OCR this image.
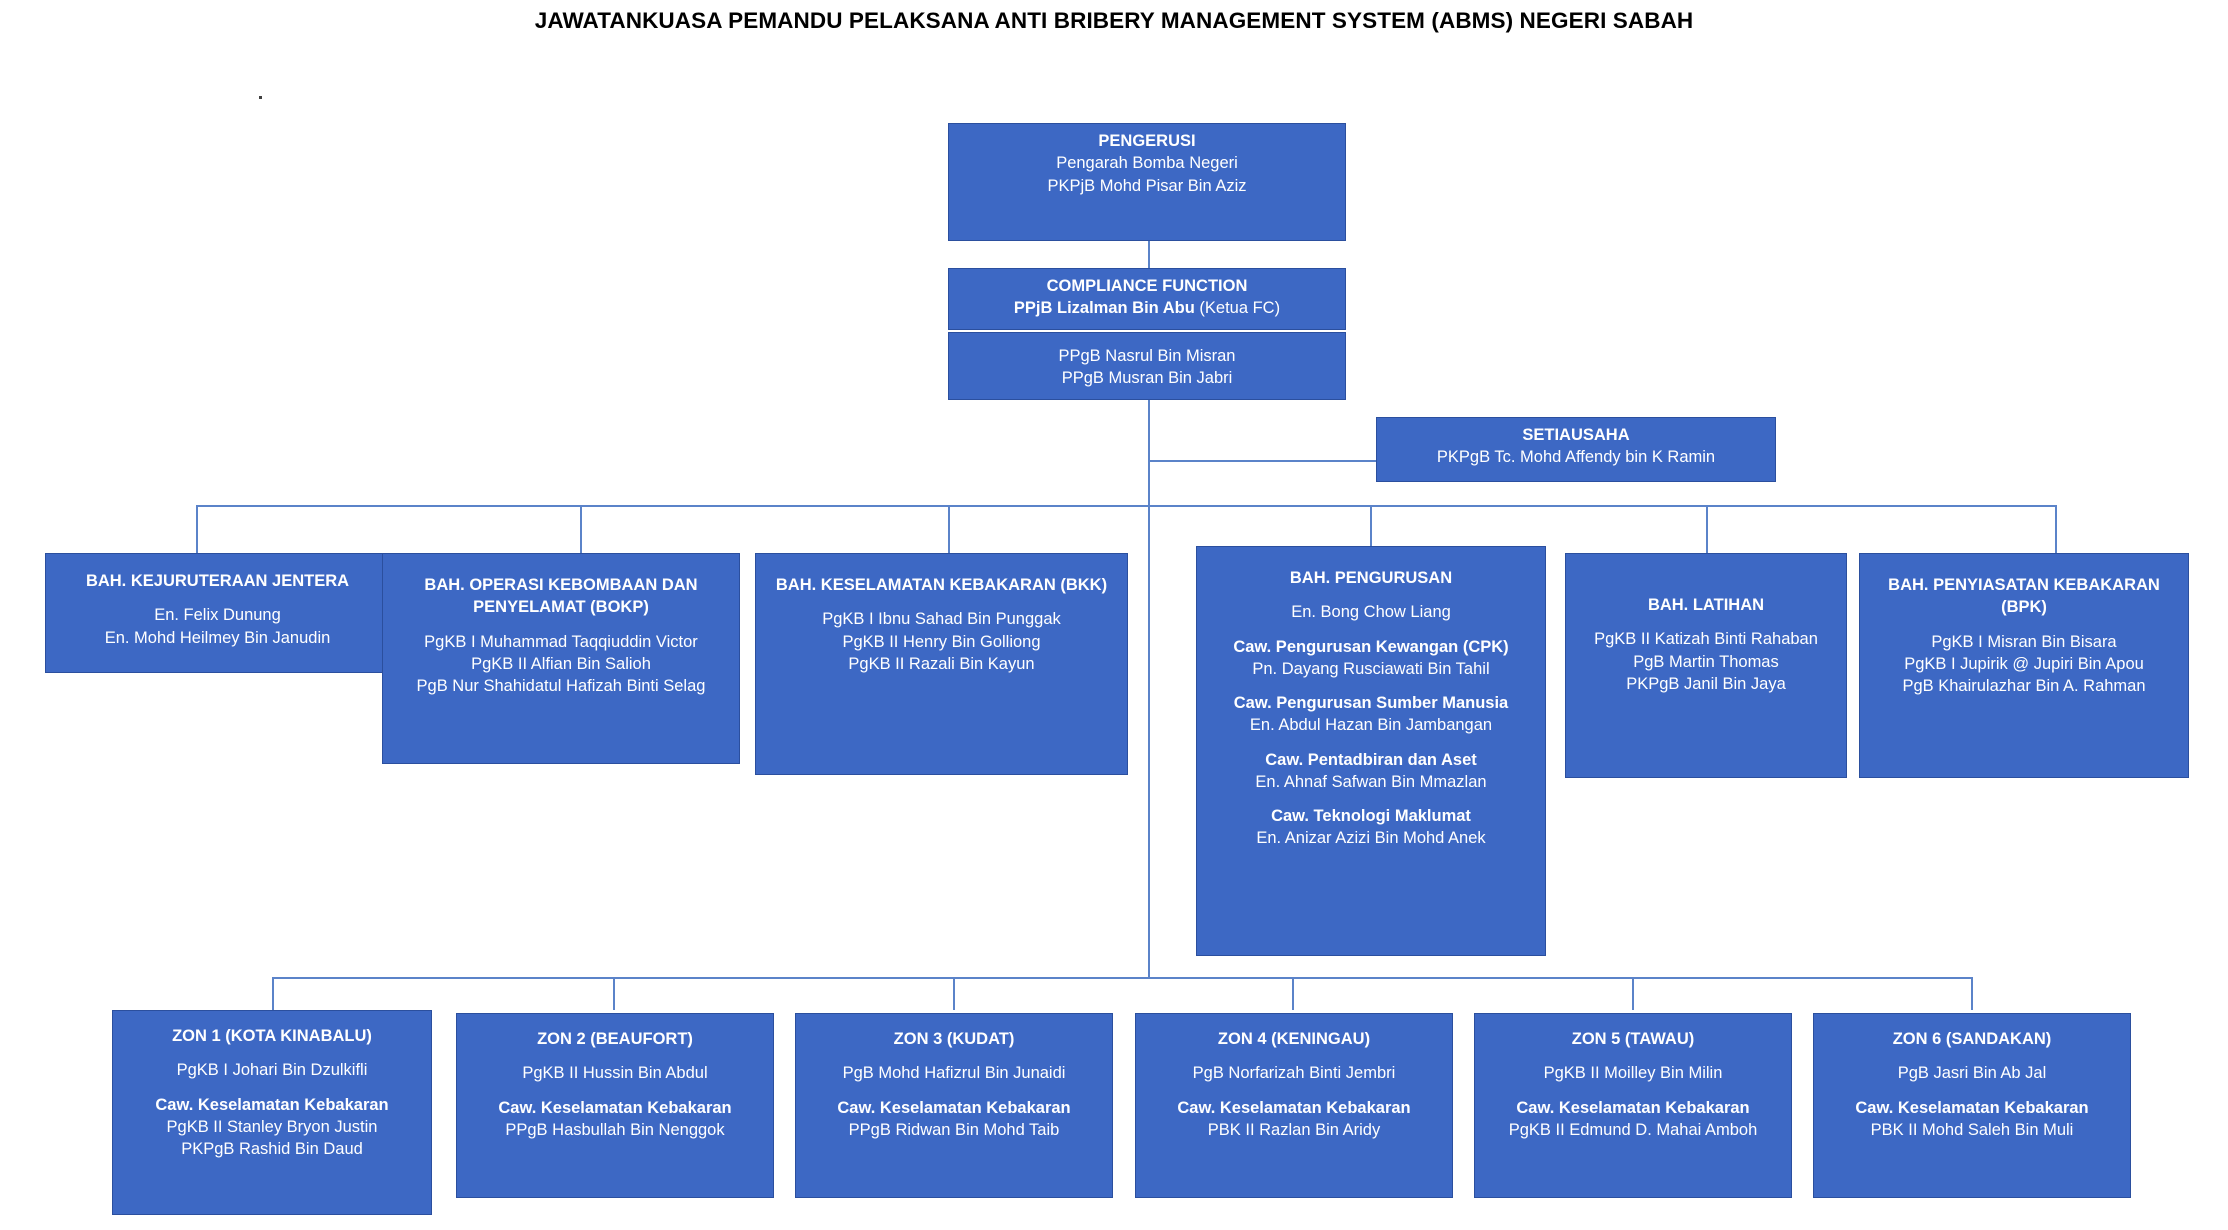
JAWATANKUASA PEMANDU PELAKSANA ANTI BRIBERY MANAGEMENT SYSTEM (ABMS) NEGERI SABAH
PENGERUSI
Pengarah Bomba Negeri
PKPjB Mohd Pisar Bin Aziz
COMPLIANCE FUNCTION
PPjB Lizalman Bin Abu (Ketua FC)
PPgB Nasrul Bin Misran
PPgB Musran Bin Jabri
SETIAUSAHA
PKPgB Tc. Mohd Affendy bin K Ramin
BAH. KEJURUTERAAN JENTERA
En. Felix Dunung
En. Mohd Heilmey Bin Janudin
BAH. OPERASI KEBOMBAAN DAN PENYELAMAT (BOKP)
PgKB I Muhammad Taqqiuddin Victor
PgKB II Alfian Bin Salioh
PgB Nur Shahidatul Hafizah Binti Selag
BAH. KESELAMATAN KEBAKARAN (BKK)
PgKB I Ibnu Sahad Bin Punggak
PgKB II Henry Bin Golliong
PgKB II Razali Bin Kayun
BAH. PENGURUSAN
En. Bong Chow Liang
Caw. Pengurusan Kewangan (CPK)
Pn. Dayang Rusciawati Bin Tahil
Caw. Pengurusan Sumber Manusia
En. Abdul Hazan Bin Jambangan
Caw. Pentadbiran dan Aset
En. Ahnaf Safwan Bin Mmazlan
Caw. Teknologi Maklumat
En. Anizar Azizi Bin Mohd Anek
BAH. LATIHAN
PgKB II Katizah Binti Rahaban
PgB Martin Thomas
PKPgB Janil Bin Jaya
BAH. PENYIASATAN KEBAKARAN (BPK)
PgKB I Misran Bin Bisara
PgKB I Jupirik @ Jupiri Bin Apou
PgB Khairulazhar Bin A. Rahman
ZON 1 (KOTA KINABALU)
PgKB I Johari Bin Dzulkifli
Caw. Keselamatan Kebakaran
PgKB II Stanley Bryon Justin
PKPgB Rashid Bin Daud
ZON 2 (BEAUFORT)
PgKB II Hussin Bin Abdul
Caw. Keselamatan Kebakaran
PPgB Hasbullah Bin Nenggok
ZON 3 (KUDAT)
PgB Mohd Hafizrul Bin Junaidi
Caw. Keselamatan Kebakaran
PPgB Ridwan Bin Mohd Taib
ZON 4 (KENINGAU)
PgB Norfarizah Binti Jembri
Caw. Keselamatan Kebakaran
PBK II Razlan Bin Aridy
ZON 5 (TAWAU)
PgKB II Moilley Bin Milin
Caw. Keselamatan Kebakaran
PgKB II Edmund D. Mahai Amboh
ZON 6 (SANDAKAN)
PgB Jasri Bin Ab Jal
Caw. Keselamatan Kebakaran
PBK II Mohd Saleh Bin Muli
